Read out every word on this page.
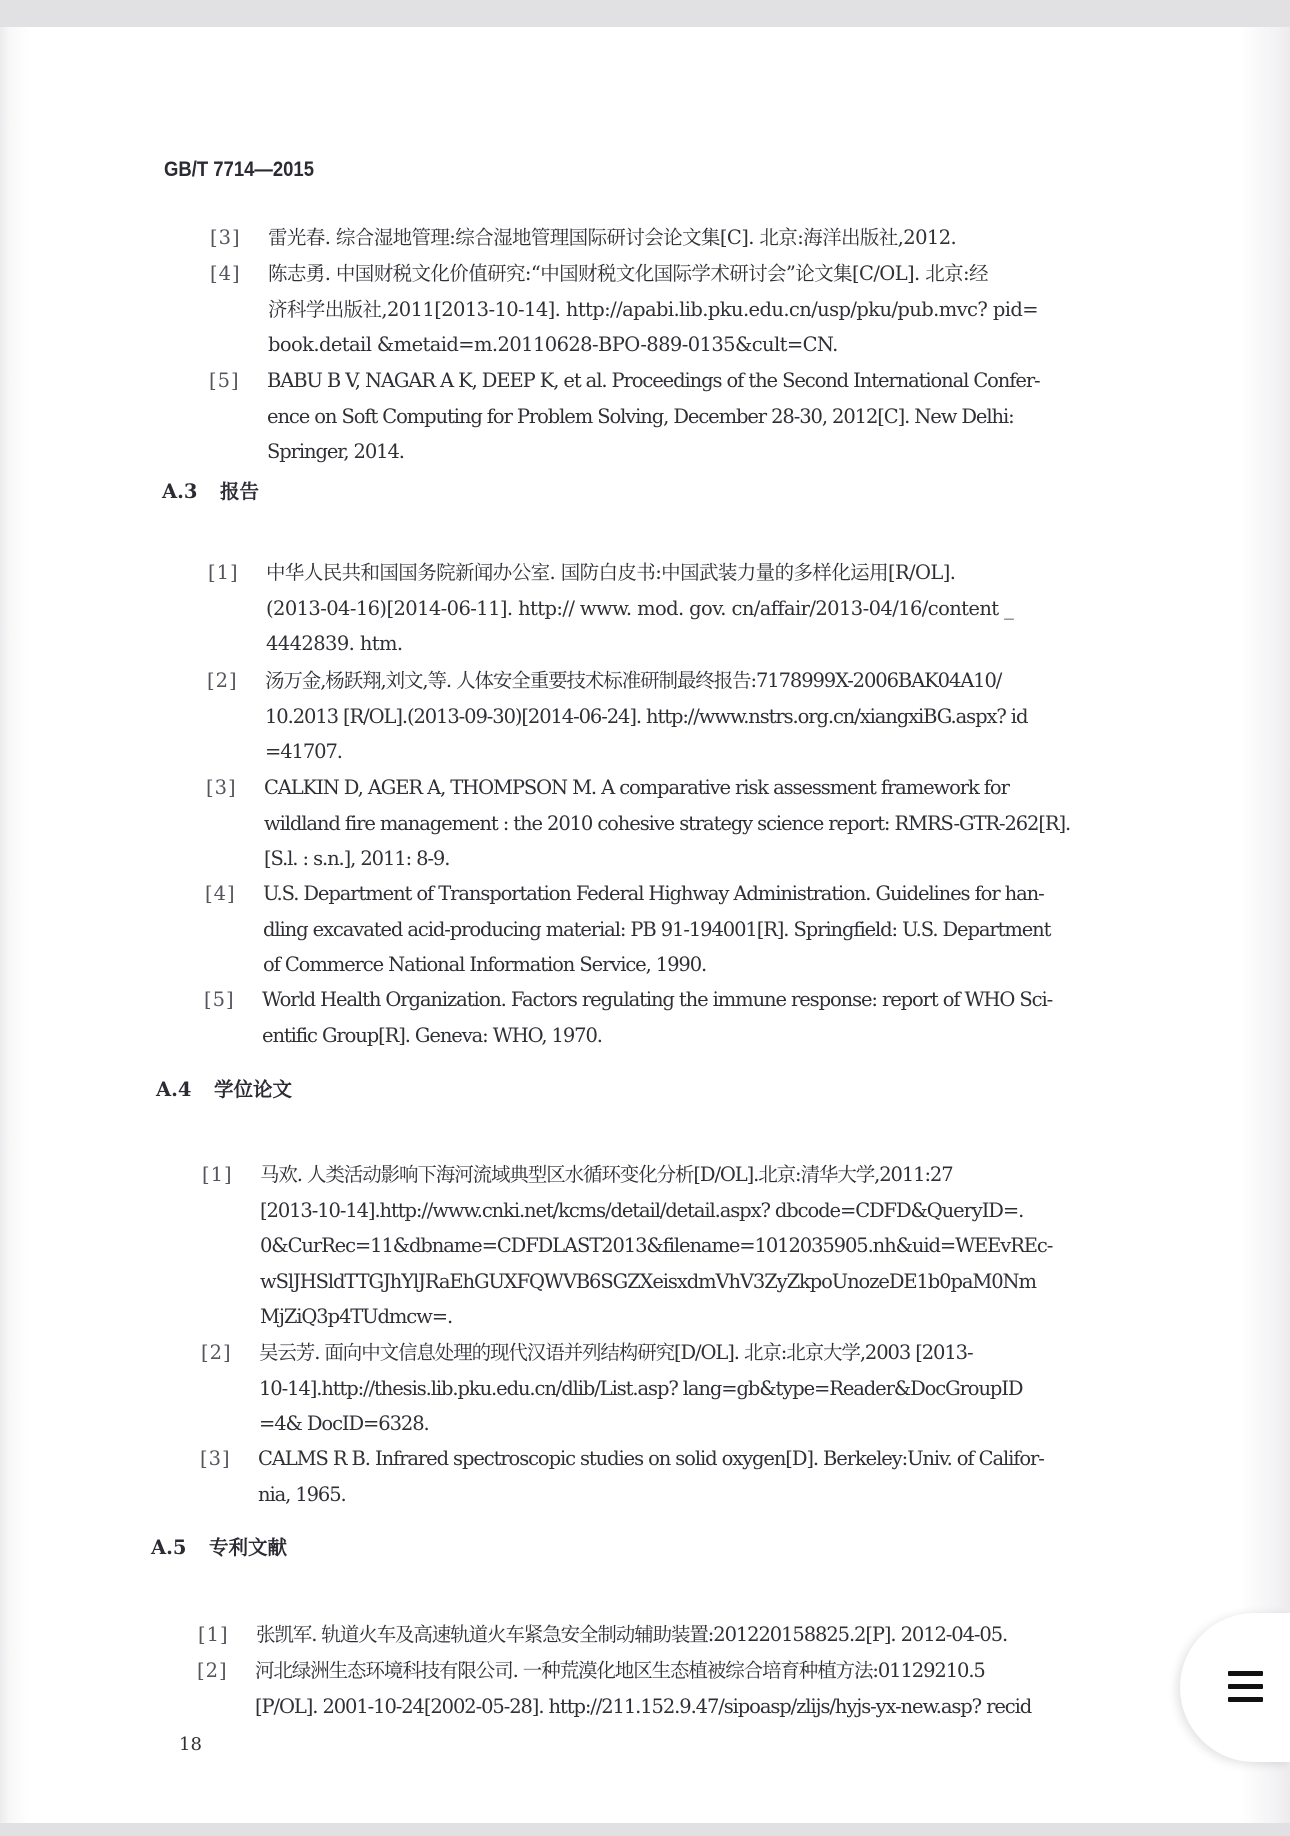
GB/T 7714—2015
[3] 雷光春. 综合湿地管理:综合湿地管理国际研讨会论文集[C]. 北京:海洋出版社,2012.
[4] 陈志勇. 中国财税文化价值研究:“中国财税文化国际学术研讨会”论文集[C/OL]. 北京:经
济科学出版社,2011[2013-10-14]. http://apabi.lib.pku.edu.cn/usp/pku/pub.mvc? pid=
book.detail &metaid=m.20110628-BPO-889-0135&cult=CN.
[5] BABU B V, NAGAR A K, DEEP K, et al. Proceedings of the Second International Confer-
ence on Soft Computing for Problem Solving, December 28-30, 2012[C]. New Delhi:
Springer, 2014.
A.3 报告
[1] 中华人民共和国国务院新闻办公室. 国防白皮书:中国武装力量的多样化运用[R/OL].
(2013-04-16)[2014-06-11]. http:// www. mod. gov. cn/affair/2013-04/16/content _
4442839. htm.
[2] 汤万金,杨跃翔,刘文,等. 人体安全重要技术标准研制最终报告:7178999X-2006BAK04A10/
10.2013 [R/OL].(2013-09-30)[2014-06-24]. http://www.nstrs.org.cn/xiangxiBG.aspx? id
=41707.
[3] CALKIN D, AGER A, THOMPSON M. A comparative risk assessment framework for
wildland fire management : the 2010 cohesive strategy science report: RMRS-GTR-262[R].
[S.l. : s.n.], 2011: 8-9.
[4] U.S. Department of Transportation Federal Highway Administration. Guidelines for han-
dling excavated acid-producing material: PB 91-194001[R]. Springfield: U.S. Department
of Commerce National Information Service, 1990.
[5] World Health Organization. Factors regulating the immune response: report of WHO Sci-
entific Group[R]. Geneva: WHO, 1970.
A.4 学位论文
[1] 马欢. 人类活动影响下海河流域典型区水循环变化分析[D/OL].北京:清华大学,2011:27
[2013-10-14].http://www.cnki.net/kcms/detail/detail.aspx? dbcode=CDFD&QueryID=.
0&CurRec=11&dbname=CDFDLAST2013&filename=1012035905.nh&uid=WEEvREc-
wSlJHSldTTGJhYlJRaEhGUXFQWVB6SGZXeisxdmVhV3ZyZkpoUnozeDE1b0paM0Nm
MjZiQ3p4TUdmcw=.
[2] 吴云芳. 面向中文信息处理的现代汉语并列结构研究[D/OL]. 北京:北京大学,2003 [2013-
10-14].http://thesis.lib.pku.edu.cn/dlib/List.asp? lang=gb&type=Reader&DocGroupID
=4& DocID=6328.
[3] CALMS R B. Infrared spectroscopic studies on solid oxygen[D]. Berkeley:Univ. of Califor-
nia, 1965.
A.5 专利文献
[1] 张凯军. 轨道火车及高速轨道火车紧急安全制动辅助装置:201220158825.2[P]. 2012-04-05.
[2] 河北绿洲生态环境科技有限公司. 一种荒漠化地区生态植被综合培育种植方法:01129210.5
[P/OL]. 2001-10-24[2002-05-28]. http://211.152.9.47/sipoasp/zlijs/hyjs-yx-new.asp? recid
18
